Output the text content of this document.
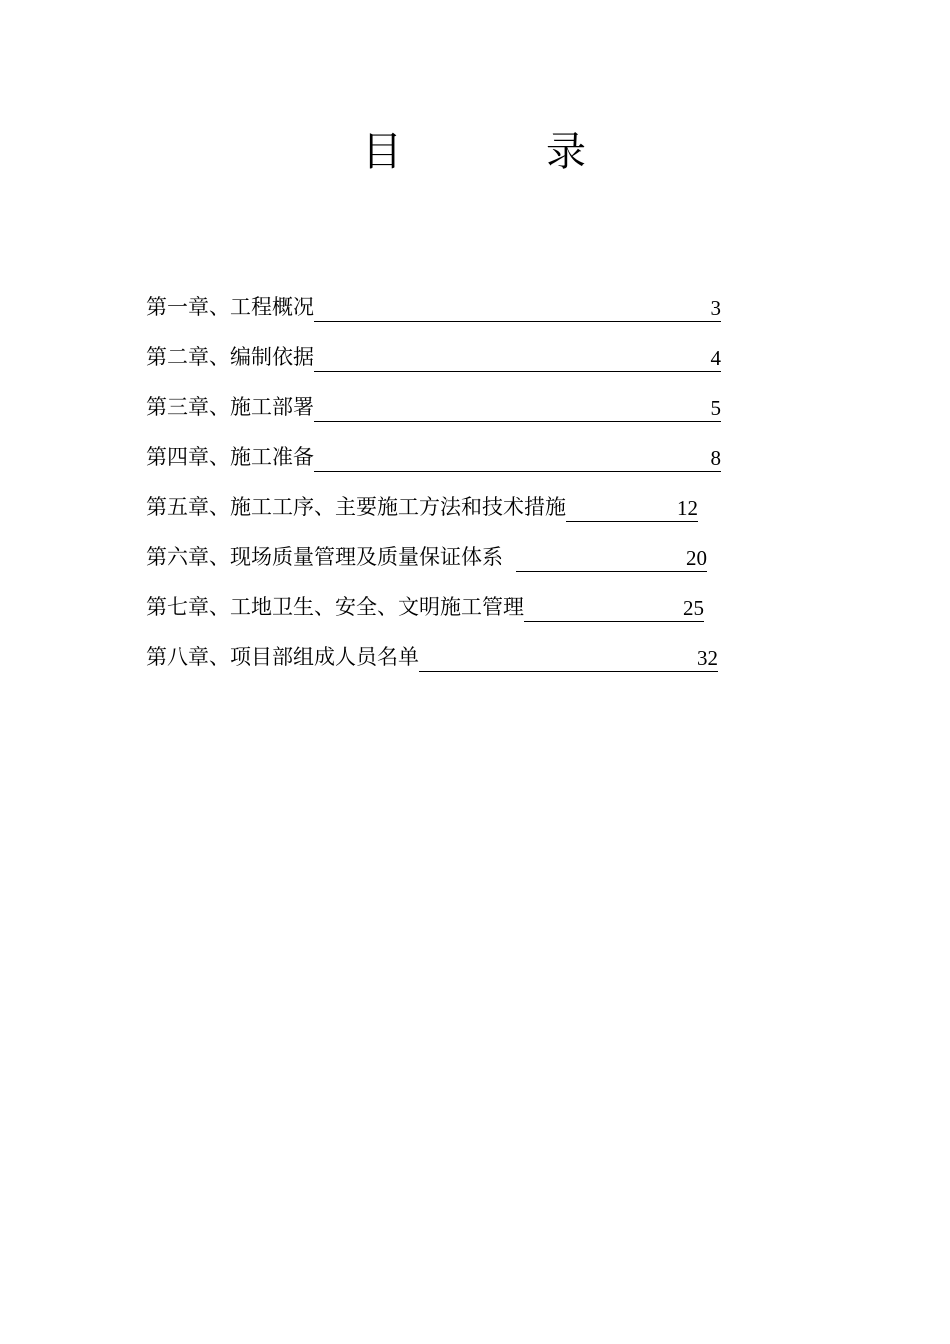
目	录
第一章、工程概况	3
第二章、编制依据	4
第三章、施工部署	5
第四章、施工准备	8
第五章、施工工序、主要施工方法和技术措施	12
第六章、现场质量管理及质量保证体系	20
第七章、工地卫生、安全、文明施工管理	25
第八章、项目部组成人员名单	32
